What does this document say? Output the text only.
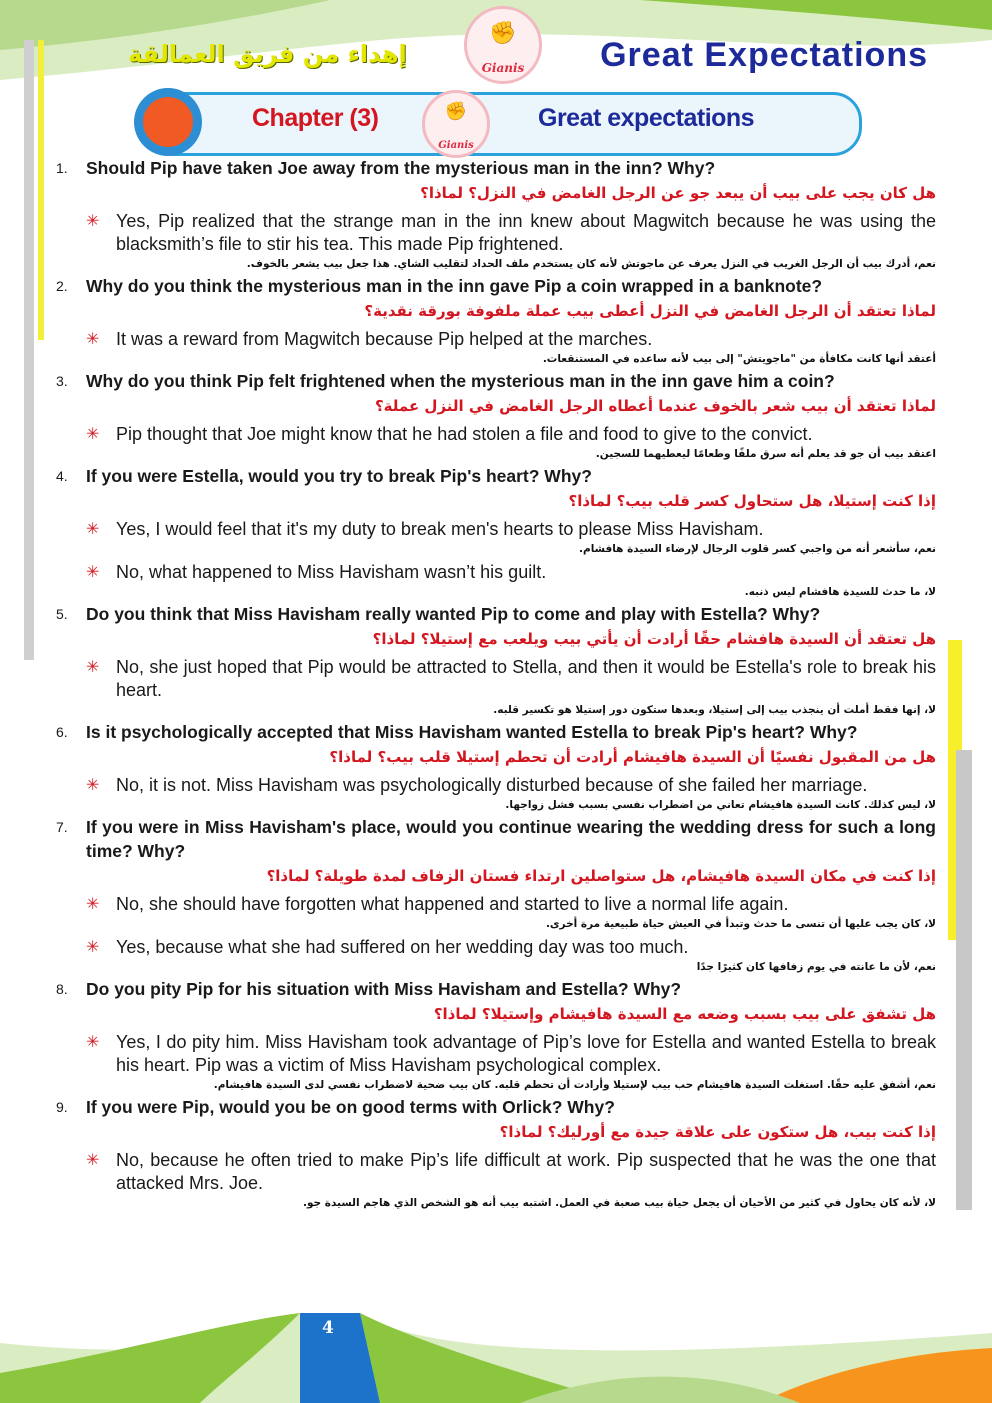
إهداء من فريق العمالقة
✊
Gianis Great Expectations
✊
Gianis
Chapter (3)	Great expectations
1. Should Pip have taken Joe away from the mysterious man in the inn? Why?
هل كان يجب على بيب أن يبعد جو عن الرجل الغامض في النزل؟ لماذا؟
✳ Yes, Pip realized that the strange man in the inn knew about Magwitch because he was using the blacksmith’s file to stir his tea. This made Pip frightened.
نعم، أدرك بيب أن الرجل الغريب في النزل يعرف عن ماجوتش لأنه كان يستخدم ملف الحداد لتقليب الشاي. هذا جعل بيب يشعر بالخوف.
2. Why do you think the mysterious man in the inn gave Pip a coin wrapped in a banknote?
لماذا تعتقد أن الرجل الغامض في النزل أعطى بيب عملة ملفوفة بورقة نقدية؟
✳ It was a reward from Magwitch because Pip helped at the marches.
أعتقد أنها كانت مكافأة من "ماجويتش" إلى بيب لأنه ساعده في المستنقعات.
3. Why do you think Pip felt frightened when the mysterious man in the inn gave him a coin?
لماذا تعتقد أن بيب شعر بالخوف عندما أعطاه الرجل الغامض في النزل عملة؟
✳ Pip thought that Joe might know that he had stolen a file and food to give to the convict.
اعتقد بيب أن جو قد يعلم أنه سرق ملفًا وطعامًا ليعطيهما للسجين.
4. If you were Estella, would you try to break Pip's heart? Why?
إذا كنت إستيلا، هل ستحاول كسر قلب بيب؟ لماذا؟
✳ Yes, I would feel that it's my duty to break men's hearts to please Miss Havisham.
نعم، سأشعر أنه من واجبي كسر قلوب الرجال لإرضاء السيدة هافشام.
✳ No, what happened to Miss Havisham wasn’t his guilt.
لا، ما حدث للسيدة هافشام ليس ذنبه.
5. Do you think that Miss Havisham really wanted Pip to come and play with Estella? Why?
هل تعتقد أن السيدة هافشام حقًا أرادت أن يأتي بيب ويلعب مع إستيلا؟ لماذا؟
✳ No, she just hoped that Pip would be attracted to Stella, and then it would be Estella's role to break his heart.
لا، إنها فقط أملت أن ينجذب بيب إلى إستيلا، وبعدها ستكون دور إستيلا هو تكسير قلبه.
6. Is it psychologically accepted that Miss Havisham wanted Estella to break Pip's heart? Why?
هل من المقبول نفسيًا أن السيدة هافيشام أرادت أن تحطم إستيلا قلب بيب؟ لماذا؟
✳ No, it is not. Miss Havisham was psychologically disturbed because of she failed her marriage.
لا، ليس كذلك. كانت السيدة هافيشام تعاني من اضطراب نفسي بسبب فشل زواجها.
7. If you were in Miss Havisham's place, would you continue wearing the wedding dress for such a long time? Why?
إذا كنت في مكان السيدة هافيشام، هل ستواصلين ارتداء فستان الزفاف لمدة طويلة؟ لماذا؟
✳ No, she should have forgotten what happened and started to live a normal life again.
لا، كان يجب عليها أن تنسى ما حدث وتبدأ في العيش حياة طبيعية مرة أخرى.
✳ Yes, because what she had suffered on her wedding day was too much.
نعم، لأن ما عانته في يوم زفافها كان كثيرًا جدًا
8. Do you pity Pip for his situation with Miss Havisham and Estella? Why?
هل تشفق على بيب بسبب وضعه مع السيدة هافيشام وإستيلا؟ لماذا؟
✳ Yes, I do pity him. Miss Havisham took advantage of Pip’s love for Estella and wanted Estella to break his heart. Pip was a victim of Miss Havisham psychological complex.
نعم، أشفق عليه حقًا. استغلت السيدة هافيشام حب بيب لإستيلا وأرادت أن تحطم قلبه. كان بيب ضحية لاضطراب نفسي لدى السيدة هافيشام.
9. If you were Pip, would you be on good terms with Orlick? Why?
إذا كنت بيب، هل ستكون على علاقة جيدة مع أورليك؟ لماذا؟
✳ No, because he often tried to make Pip’s life difficult at work. Pip suspected that he was the one that attacked Mrs. Joe.
لا، لأنه كان يحاول في كثير من الأحيان أن يجعل حياة بيب صعبة في العمل. اشتبه بيب أنه هو الشخص الذي هاجم السيدة جو.
4
